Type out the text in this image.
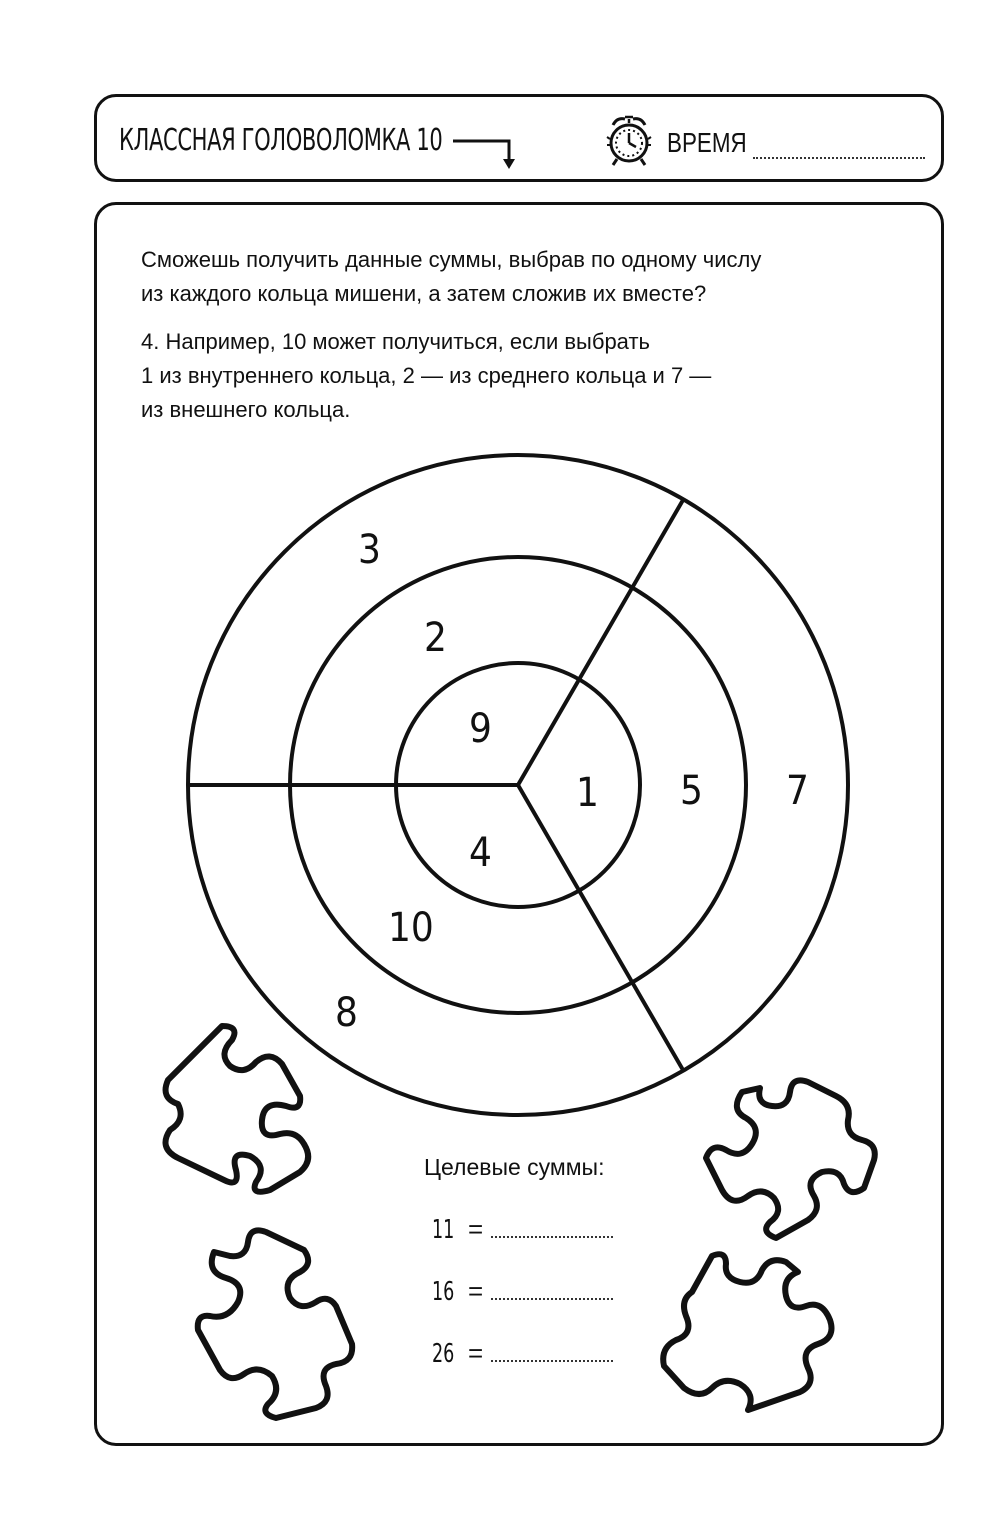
КЛАССНАЯ ГОЛОВОЛОМКА 10	ВРЕМЯ

Сможешь получить данные суммы, выбрав по одному числу
из каждого кольца мишени, а затем сложив их вместе?

4. Например, 10 может получиться, если выбрать
1 из внутреннего кольца, 2 — из среднего кольца и 7 —
из внешнего кольца.

3
7
8
2
5
10
9
1
4
Целевые суммы:
11 =
16 =
26 =
